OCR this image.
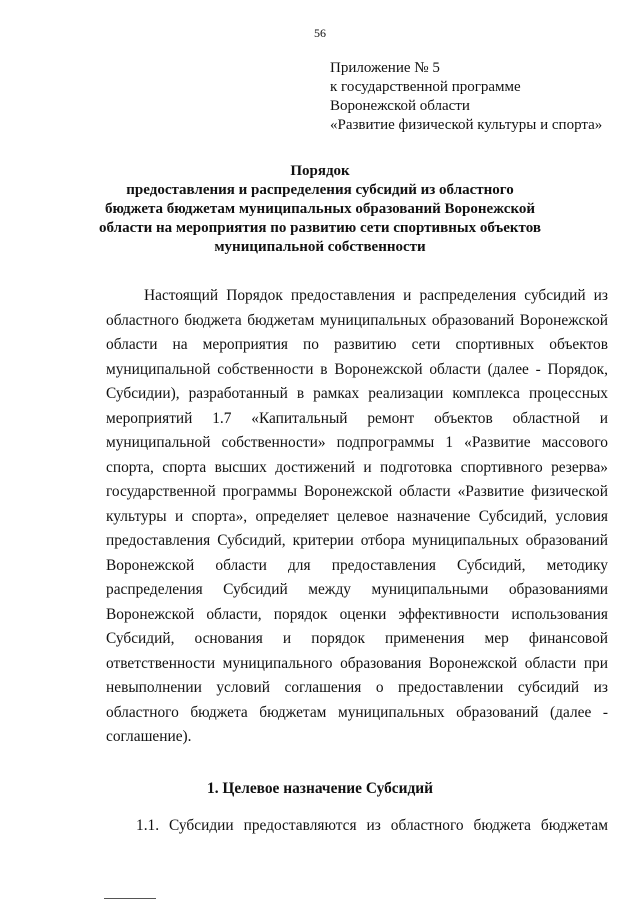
56
Приложение № 5
к государственной программе
Воронежской области
«Развитие физической культуры и спорта»
Порядок
предоставления и распределения субсидий из областного
бюджета бюджетам муниципальных образований Воронежской
области на мероприятия по развитию сети спортивных объектов
муниципальной собственности
Настоящий Порядок предоставления и распределения субсидий из
областного бюджета бюджетам муниципальных образований Воронежской
области на мероприятия по развитию сети спортивных объектов
муниципальной собственности в Воронежской области (далее - Порядок,
Субсидии), разработанный в рамках реализации комплекса процессных
мероприятий 1.7 «Капитальный ремонт объектов областной и
муниципальной собственности» подпрограммы 1 «Развитие массового
спорта, спорта высших достижений и подготовка спортивного резерва»
государственной программы Воронежской области «Развитие физической
культуры и спорта», определяет целевое назначение Субсидий, условия
предоставления Субсидий, критерии отбора муниципальных образований
Воронежской области для предоставления Субсидий, методику
распределения Субсидий между муниципальными образованиями
Воронежской области, порядок оценки эффективности использования
Субсидий, основания и порядок применения мер финансовой
ответственности муниципального образования Воронежской области при
невыполнении условий соглашения о предоставлении субсидий из
областного бюджета бюджетам муниципальных образований (далее -
соглашение).
1. Целевое назначение Субсидий
1.1. Субсидии предоставляются из областного бюджета бюджетам
